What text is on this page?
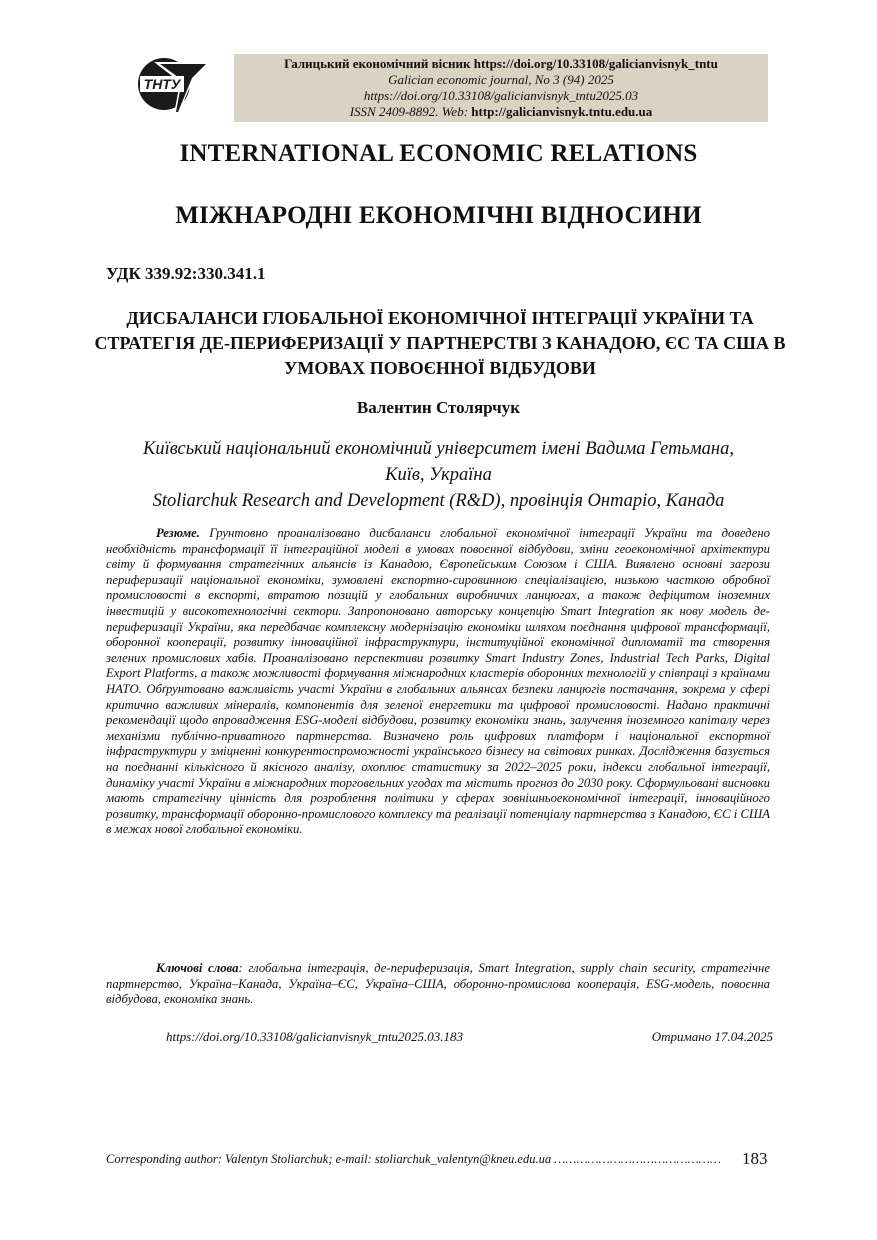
ТНТУ
Галицький економічний вісник https://doi.org/10.33108/galicianvisnyk_tntu
Galician economic journal, No 3 (94) 2025
https://doi.org/10.33108/galicianvisnyk_tntu2025.03
ISSN 2409-8892. Web: http://galicianvisnyk.tntu.edu.ua
INTERNATIONAL ECONOMIC RELATIONS
МІЖНАРОДНІ ЕКОНОМІЧНІ ВІДНОСИНИ
УДК 339.92:330.341.1
ДИСБАЛАНСИ ГЛОБАЛЬНОЇ ЕКОНОМІЧНОЇ ІНТЕГРАЦІЇ УКРАЇНИ ТА СТРАТЕГІЯ ДЕ-ПЕРИФЕРИЗАЦІЇ У ПАРТНЕРСТВІ З КАНАДОЮ, ЄС ТА США В УМОВАХ ПОВОЄННОЇ ВІДБУДОВИ
Валентин Столярчук
Київський національний економічний університет імені Вадима Гетьмана,
Київ, Україна
Stoliarchuk Research and Development (R&D), провінція Онтаріо, Канада
Резюме. Грунтовно проаналізовано дисбаланси глобальної економічної інтеграції України та доведено необхідність трансформації її інтеграційної моделі в умовах повоєнної відбудови, зміни геоекономічної архітектури світу й формування стратегічних альянсів із Канадою, Європейським Союзом і США. Виявлено основні загрози периферизації національної економіки, зумовлені експортно-сировинною спеціалізацією, низькою часткою обробної промисловості в експорті, втратою позицій у глобальних виробничих ланцюгах, а також дефіцитом іноземних інвестицій у високотехнологічні сектори. Запропоновано авторську концепцію Smart Integration як нову модель де-периферизації України, яка передбачає комплексну модернізацію економіки шляхом поєднання цифрової трансформації, оборонної кооперації, розвитку інноваційної інфраструктури, інституційної економічної дипломатії та створення зелених промислових хабів. Проаналізовано перспективи розвитку Smart Industry Zones, Industrial Tech Parks, Digital Export Platforms, а також можливості формування міжнародних кластерів оборонних технологій у співпраці з країнами НАТО. Обґрунтовано важливість участі України в глобальних альянсах безпеки ланцюгів постачання, зокрема у сфері критично важливих мінералів, компонентів для зеленої енергетики та цифрової промисловості. Надано практичні рекомендації щодо впровадження ESG-моделі відбудови, розвитку економіки знань, залучення іноземного капіталу через механізми публічно-приватного партнерства. Визначено роль цифрових платформ і національної експортної інфраструктури у зміцненні конкурентоспроможності українського бізнесу на світових ринках. Дослідження базується на поєднанні кількісного й якісного аналізу, охоплює статистику за 2022–2025 роки, індекси глобальної інтеграції, динаміку участі України в міжнародних торговельних угодах та містить прогноз до 2030 року. Сформульовані висновки мають стратегічну цінність для розроблення політики у сферах зовнішньоекономічної інтеграції, інноваційного розвитку, трансформації оборонно-промислового комплексу та реалізації потенціалу партнерства з Канадою, ЄС і США в межах нової глобальної економіки.
Ключові слова: глобальна інтеграція, де-периферизація, Smart Integration, supply chain security, стратегічне партнерство, Україна–Канада, Україна–ЄС, Україна–США, оборонно-промислова кооперація, ESG-модель, повоєнна відбудова, економіка знань.
https://doi.org/10.33108/galicianvisnyk_tntu2025.03.183	Отримано 17.04.2025
Corresponding author: Valentyn Stoliarchuk; e-mail: stoliarchuk_valentyn@kneu.edu.ua ……………………………………… 183
